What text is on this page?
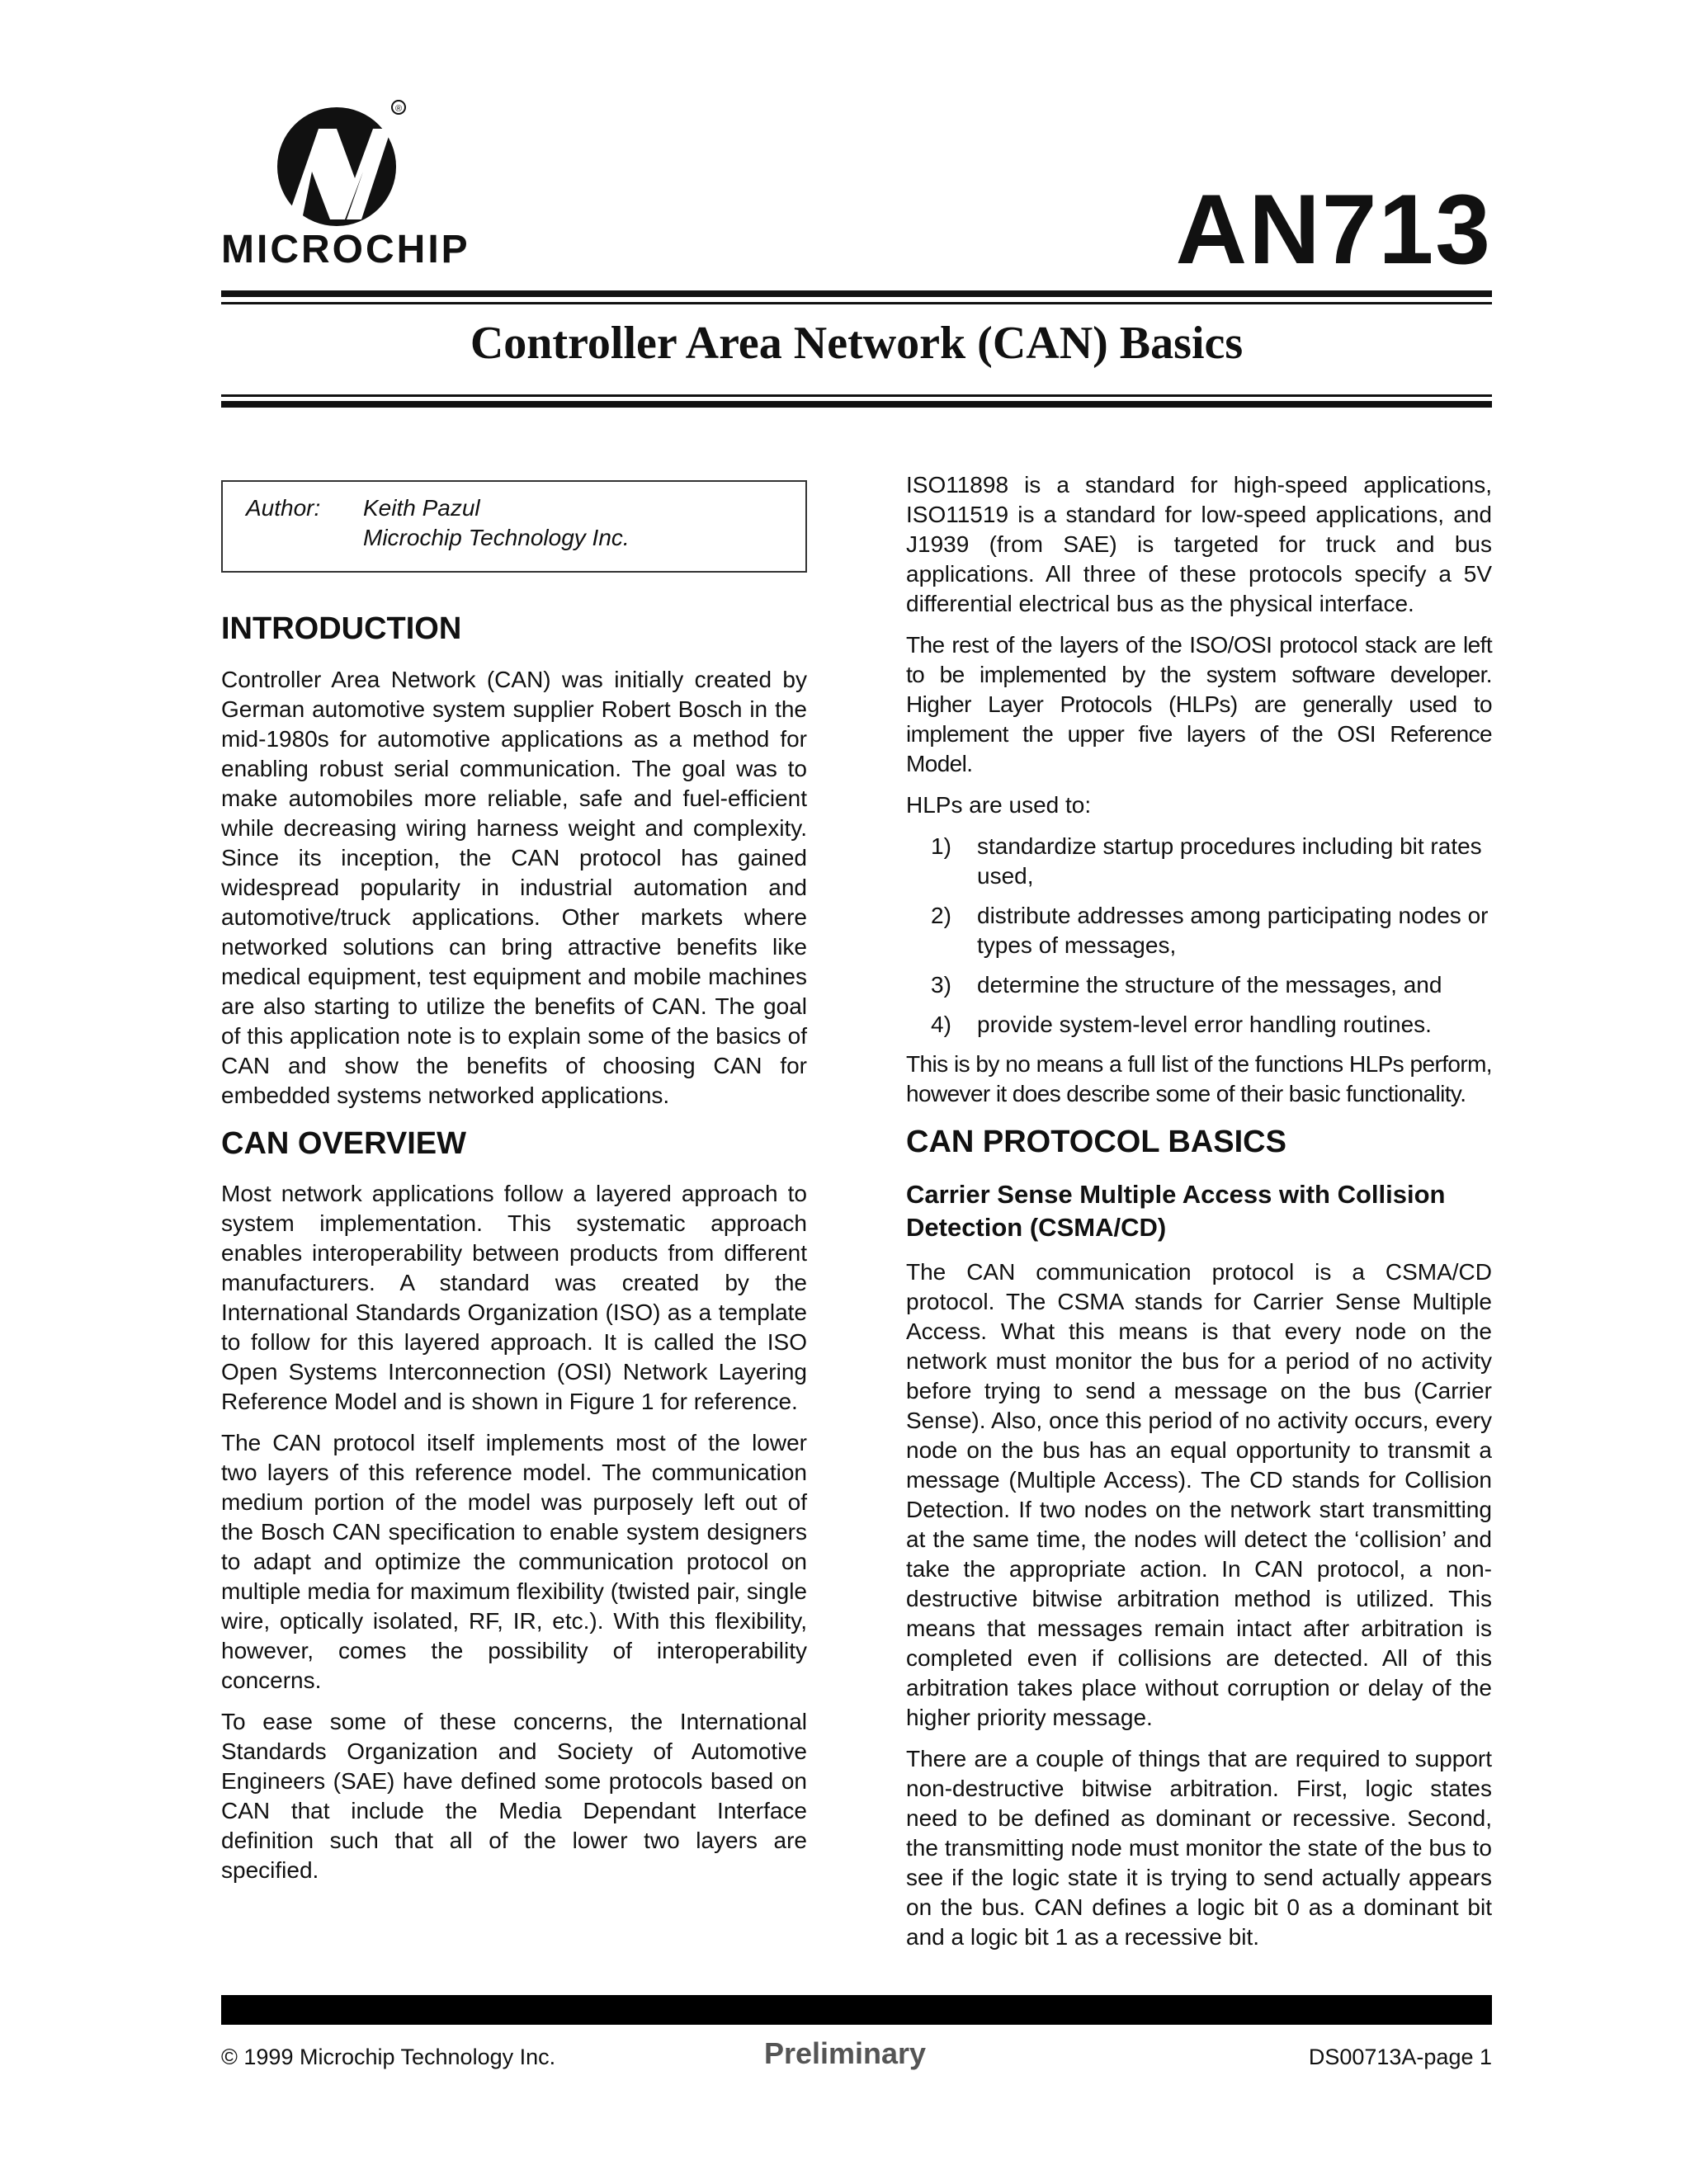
®
MICROCHIP	AN713
Controller Area Network (CAN) Basics
Author:	Keith Pazul
Microchip Technology Inc.
INTRODUCTION

Controller Area Network (CAN) was initially created by German automotive system supplier Robert Bosch in the mid-1980s for automotive applications as a method for enabling robust serial communication. The goal was to make automobiles more reliable, safe and fuel-efficient while decreasing wiring harness weight and complexity. Since its inception, the CAN protocol has gained widespread popularity in industrial automation and automotive/truck applications. Other markets where networked solutions can bring attractive benefits like medical equipment, test equipment and mobile machines are also starting to utilize the benefits of CAN. The goal of this application note is to explain some of the basics of CAN and show the benefits of choosing CAN for embedded systems networked applications.

CAN OVERVIEW

Most network applications follow a layered approach to system implementation. This systematic approach enables interoperability between products from different manufacturers. A standard was created by the International Standards Organization (ISO) as a template to follow for this layered approach. It is called the ISO Open Systems Interconnection (OSI) Network Layering Reference Model and is shown in Figure 1 for reference.

The CAN protocol itself implements most of the lower two layers of this reference model. The communication medium portion of the model was purposely left out of the Bosch CAN specification to enable system designers to adapt and optimize the communication protocol on multiple media for maximum flexibility (twisted pair, single wire, optically isolated, RF, IR, etc.). With this flexibility, however, comes the possibility of interoperability concerns.

To ease some of these concerns, the International Standards Organization and Society of Automotive Engineers (SAE) have defined some protocols based on CAN that include the Media Dependant Interface definition such that all of the lower two layers are specified.

ISO11898 is a standard for high-speed applications, ISO11519 is a standard for low-speed applications, and J1939 (from SAE) is targeted for truck and bus applications. All three of these protocols specify a 5V differential electrical bus as the physical interface.

The rest of the layers of the ISO/OSI protocol stack are left to be implemented by the system software developer. Higher Layer Protocols (HLPs) are generally used to implement the upper five layers of the OSI Reference Model.

HLPs are used to:

1)	standardize startup procedures including bit rates used,
2)	distribute addresses among participating nodes or types of messages,
3)	determine the structure of the messages, and
4)	provide system-level error handling routines.

This is by no means a full list of the functions HLPs perform, however it does describe some of their basic functionality.

CAN PROTOCOL BASICS
Carrier Sense Multiple Access with Collision Detection (CSMA/CD)

The CAN communication protocol is a CSMA/CD protocol. The CSMA stands for Carrier Sense Multiple Access. What this means is that every node on the network must monitor the bus for a period of no activity before trying to send a message on the bus (Carrier Sense). Also, once this period of no activity occurs, every node on the bus has an equal opportunity to transmit a message (Multiple Access). The CD stands for Collision Detection. If two nodes on the network start transmitting at the same time, the nodes will detect the ‘collision’ and take the appropriate action. In CAN protocol, a non-destructive bitwise arbitration method is utilized. This means that messages remain intact after arbitration is completed even if collisions are detected. All of this arbitration takes place without corruption or delay of the higher priority message.

There are a couple of things that are required to support non-destructive bitwise arbitration. First, logic states need to be defined as dominant or recessive. Second, the transmitting node must monitor the state of the bus to see if the logic state it is trying to send actually appears on the bus. CAN defines a logic bit 0 as a dominant bit and a logic bit 1 as a recessive bit.

© 1999 Microchip Technology Inc.	Preliminary	DS00713A-page 1
